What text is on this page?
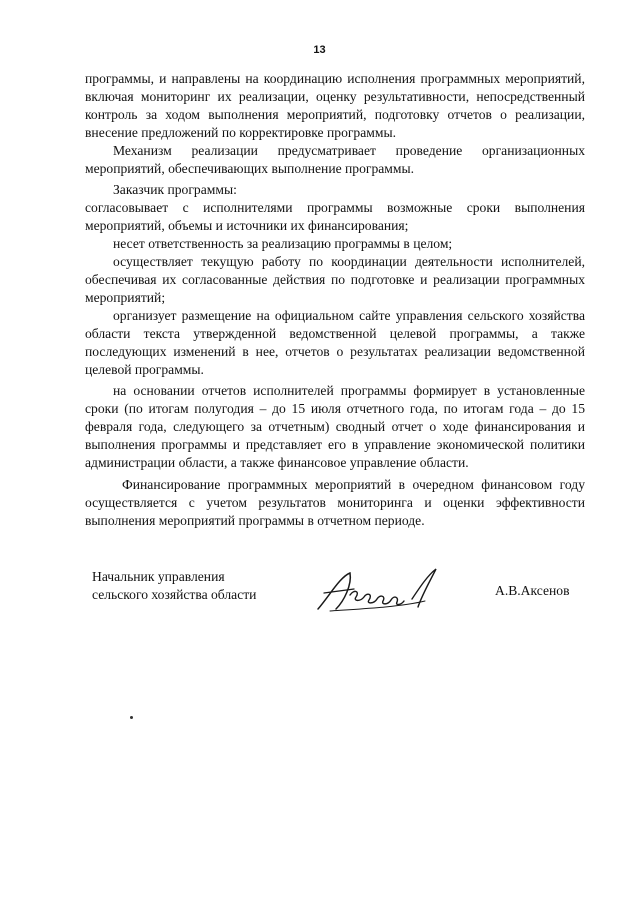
13

программы, и направлены на координацию исполнения программных мероприятий, включая мониторинг их реализации, оценку результативности, непосредственный контроль за ходом выполнения мероприятий, подготовку отчетов о реализации, внесение предложений по корректировке программы.

Механизм реализации предусматривает проведение организационных мероприятий, обеспечивающих выполнение программы.

Заказчик программы:

согласовывает с исполнителями программы возможные сроки выполнения мероприятий, объемы и источники их финансирования;

несет ответственность за реализацию программы в целом;

осуществляет текущую работу по координации деятельности исполнителей, обеспечивая их согласованные действия по подготовке и реализации программных мероприятий;

организует размещение на официальном сайте управления сельского хозяйства области текста утвержденной ведомственной целевой программы, а также последующих изменений в нее, отчетов о результатах реализации ведомственной целевой программы.

на основании отчетов исполнителей программы формирует в установленные сроки (по итогам полугодия – до 15 июля отчетного года, по итогам года – до 15 февраля года, следующего за отчетным) сводный отчет о ходе финансирования и выполнения программы и представляет его в управление экономической политики администрации области, а также финансовое управление области.

Финансирование программных мероприятий в очередном финансовом году осуществляется с учетом результатов мониторинга и оценки эффективности выполнения мероприятий программы в отчетном периоде.

Начальник управления
сельского хозяйства области	А.В.Аксенов
